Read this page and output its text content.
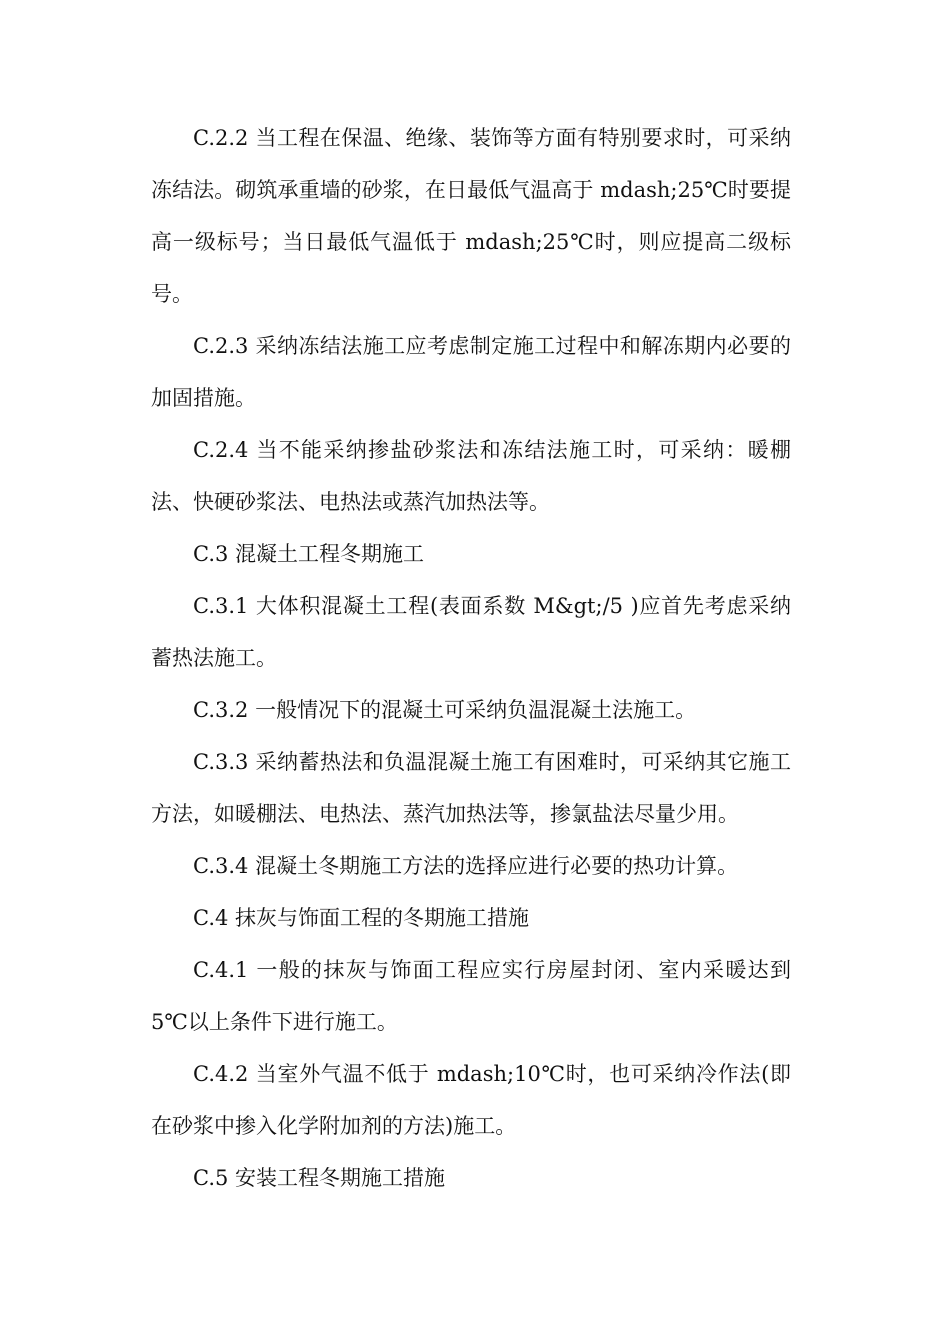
C.2.2 当工程在保温、绝缘、装饰等方面有特别要求时，可采纳冻结法。砌筑承重墙的砂浆，在日最低气温高于 mdash;25℃时要提高一级标号；当日最低气温低于 mdash;25℃时，则应提高二级标号。

C.2.3 采纳冻结法施工应考虑制定施工过程中和解冻期内必要的加固措施。

C.2.4 当不能采纳掺盐砂浆法和冻结法施工时，可采纳：暖棚法、快硬砂浆法、电热法或蒸汽加热法等。

C.3 混凝土工程冬期施工

C.3.1 大体积混凝土工程(表面系数 M&gt;/5 )应首先考虑采纳蓄热法施工。

C.3.2 一般情况下的混凝土可采纳负温混凝土法施工。

C.3.3 采纳蓄热法和负温混凝土施工有困难时，可采纳其它施工方法，如暖棚法、电热法、蒸汽加热法等，掺氯盐法尽量少用。

C.3.4 混凝土冬期施工方法的选择应进行必要的热功计算。

C.4 抹灰与饰面工程的冬期施工措施

C.4.1 一般的抹灰与饰面工程应实行房屋封闭、室内采暖达到 5℃以上条件下进行施工。

C.4.2 当室外气温不低于 mdash;10℃时，也可采纳冷作法(即在砂浆中掺入化学附加剂的方法)施工。

C.5 安装工程冬期施工措施
